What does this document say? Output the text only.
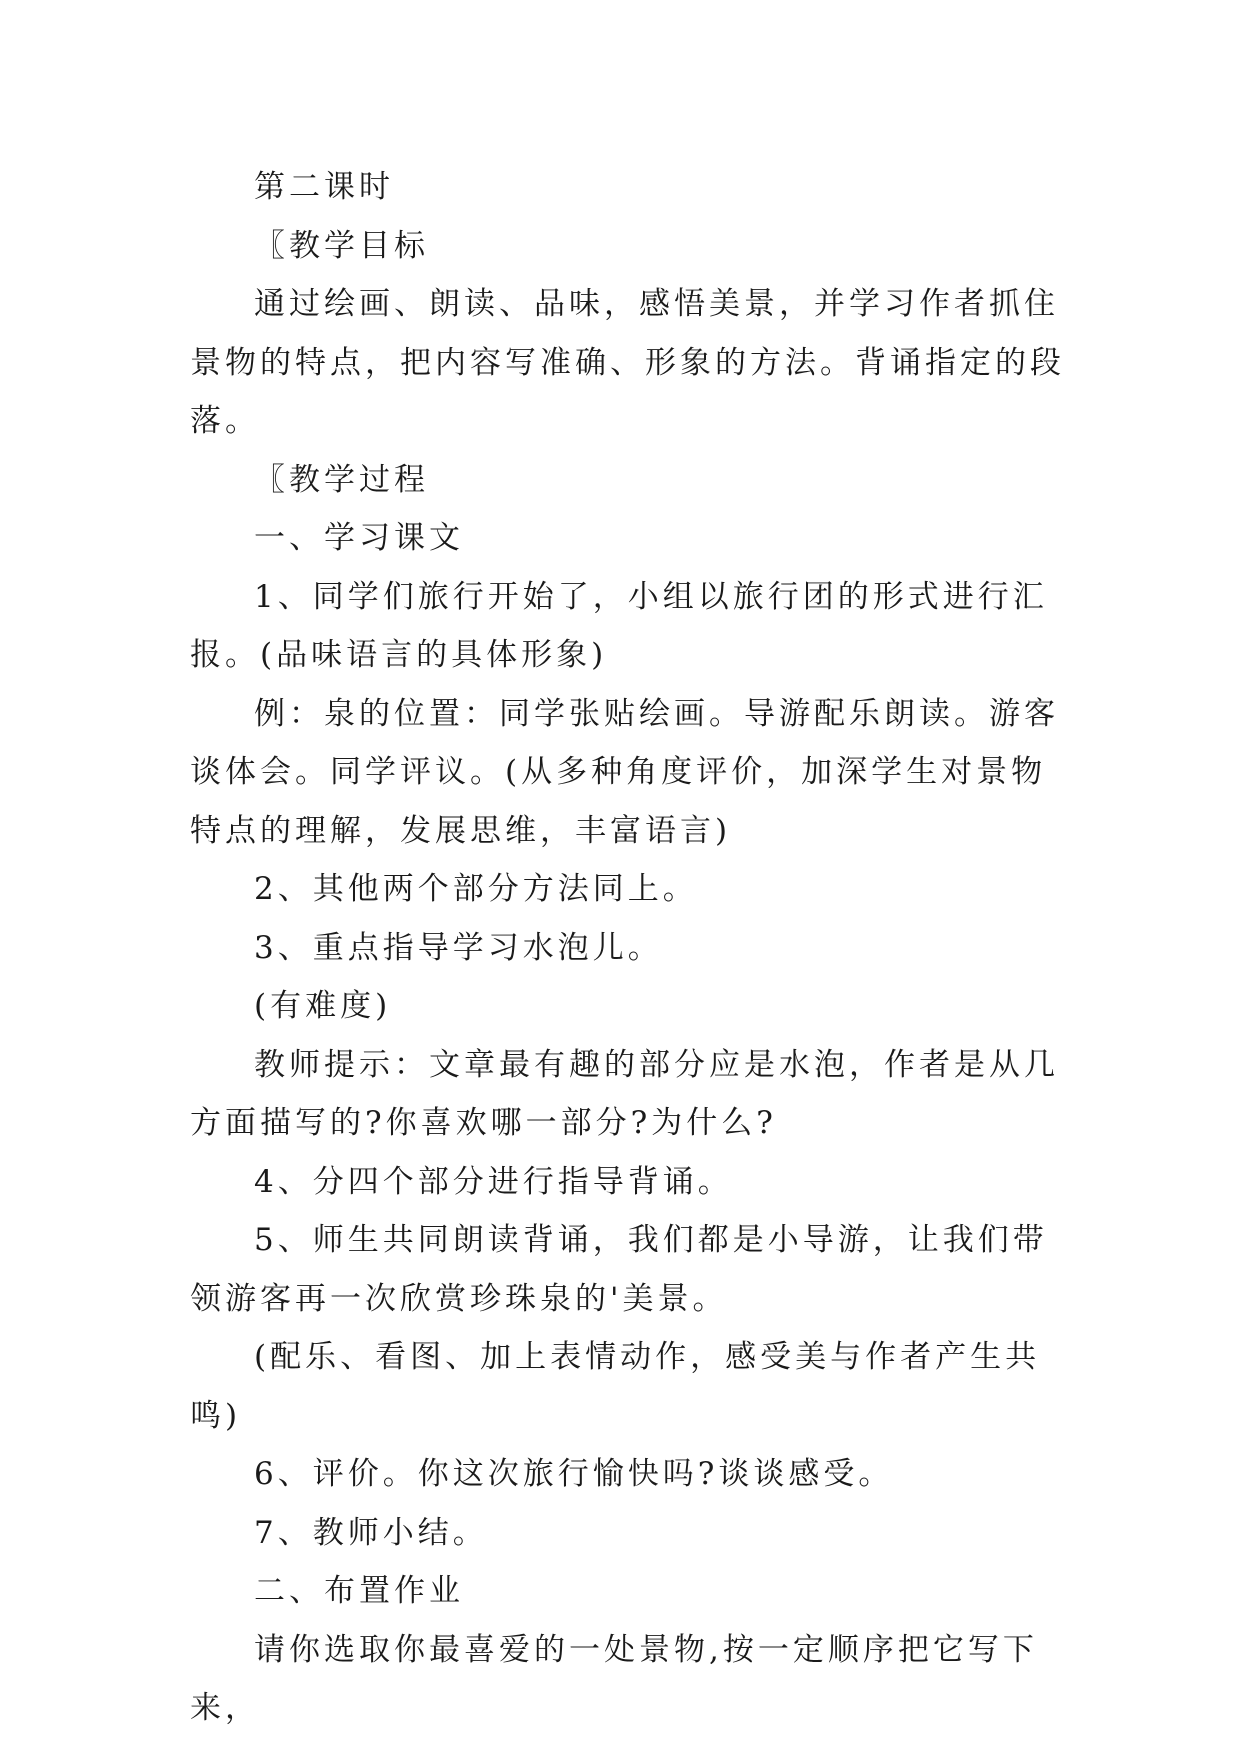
第二课时

〖教学目标

通过绘画、朗读、品味，感悟美景，并学习作者抓住景物的特点，把内容写准确、形象的方法。背诵指定的段落。

〖教学过程

一、学习课文

1、同学们旅行开始了，小组以旅行团的形式进行汇报。(品味语言的具体形象)

例：泉的位置：同学张贴绘画。导游配乐朗读。游客谈体会。同学评议。(从多种角度评价，加深学生对景物特点的理解，发展思维，丰富语言)

2、其他两个部分方法同上。

3、重点指导学习水泡儿。

(有难度)

教师提示：文章最有趣的部分应是水泡，作者是从几方面描写的?你喜欢哪一部分?为什么?

4、分四个部分进行指导背诵。

5、师生共同朗读背诵，我们都是小导游，让我们带领游客再一次欣赏珍珠泉的'美景。

(配乐、看图、加上表情动作，感受美与作者产生共鸣)

6、评价。你这次旅行愉快吗?谈谈感受。

7、教师小结。

二、布置作业

请你选取你最喜爱的一处景物,按一定顺序把它写下来，
